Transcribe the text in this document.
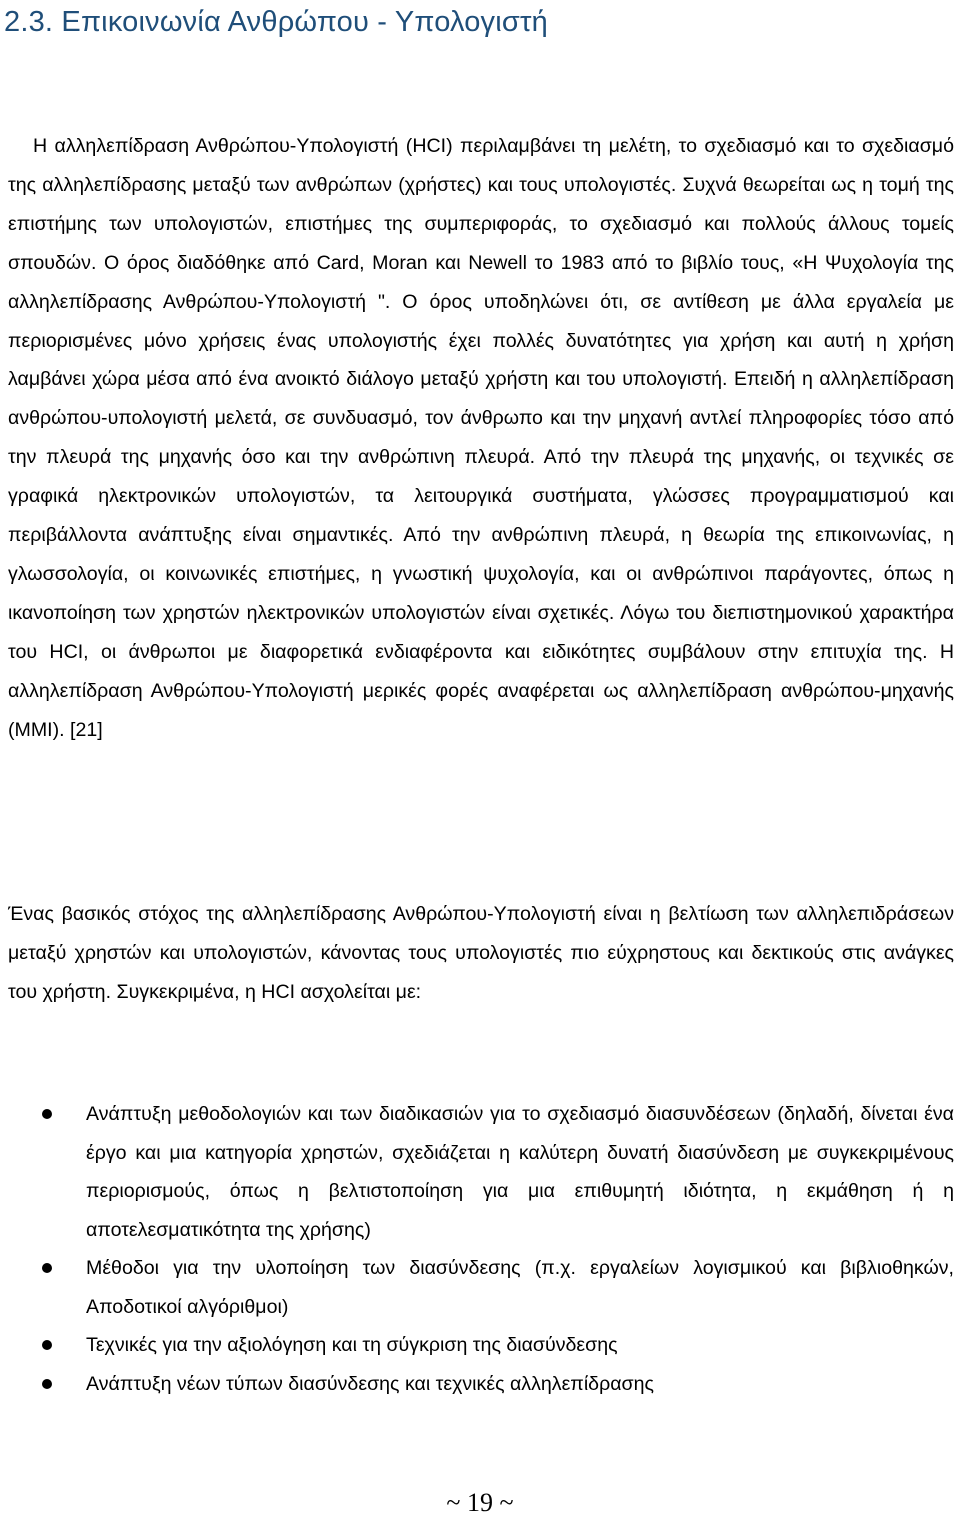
2.3. Επικοινωνία Ανθρώπου - Υπολογιστή

Η αλληλεπίδραση Ανθρώπου-Υπολογιστή (HCI) περιλαμβάνει τη μελέτη, το σχεδιασμό και το σχεδιασμό της αλληλεπίδρασης μεταξύ των ανθρώπων (χρήστες) και τους υπολογιστές. Συχνά θεωρείται ως η τομή της επιστήμης των υπολογιστών, επιστήμες της συμπεριφοράς, το σχεδιασμό και πολλούς άλλους τομείς σπουδών. Ο όρος διαδόθηκε από Card, Moran και Newell το 1983 από το βιβλίο τους, «Η Ψυχολογία της αλληλεπίδρασης Ανθρώπου-Υπολογιστή ". Ο όρος υποδηλώνει ότι, σε αντίθεση με άλλα εργαλεία με περιορισμένες μόνο χρήσεις ένας υπολογιστής έχει πολλές δυνατότητες για χρήση και αυτή η χρήση λαμβάνει χώρα μέσα από ένα ανοικτό διάλογο μεταξύ χρήστη και του υπολογιστή. Επειδή η αλληλεπίδραση ανθρώπου-υπολογιστή μελετά, σε συνδυασμό, τον άνθρωπο και την μηχανή αντλεί πληροφορίες τόσο από την πλευρά της μηχανής όσο και την ανθρώπινη πλευρά. Από την πλευρά της μηχανής, οι τεχνικές σε γραφικά ηλεκτρονικών υπολογιστών, τα λειτουργικά συστήματα, γλώσσες προγραμματισμού και περιβάλλοντα ανάπτυξης είναι σημαντικές. Από την ανθρώπινη πλευρά, η θεωρία της επικοινωνίας, η γλωσσολογία, οι κοινωνικές επιστήμες, η γνωστική ψυχολογία, και οι ανθρώπινοι παράγοντες, όπως η ικανοποίηση των χρηστών ηλεκτρονικών υπολογιστών είναι σχετικές. Λόγω του διεπιστημονικού χαρακτήρα του HCI, οι άνθρωποι με διαφορετικά ενδιαφέροντα και ειδικότητες συμβάλουν στην επιτυχία της. Η αλληλεπίδραση Ανθρώπου-Υπολογιστή μερικές φορές αναφέρεται ως αλληλεπίδραση ανθρώπου-μηχανής (MMI). [21]

Ένας βασικός στόχος της αλληλεπίδρασης Ανθρώπου-Υπολογιστή είναι η βελτίωση των αλληλεπιδράσεων μεταξύ χρηστών και υπολογιστών, κάνοντας τους υπολογιστές πιο εύχρηστους και δεκτικούς στις ανάγκες του χρήστη. Συγκεκριμένα, η HCI ασχολείται με:

Ανάπτυξη μεθοδολογιών και των διαδικασιών για το σχεδιασμό διασυνδέσεων (δηλαδή, δίνεται ένα έργο και μια κατηγορία χρηστών, σχεδιάζεται η καλύτερη δυνατή διασύνδεση με συγκεκριμένους περιορισμούς, όπως η βελτιστοποίηση για μια επιθυμητή ιδιότητα, η εκμάθηση ή η αποτελεσματικότητα της χρήσης)
Μέθοδοι για την υλοποίηση των διασύνδεσης (π.χ. εργαλείων λογισμικού και βιβλιοθηκών, Αποδοτικοί αλγόριθμοι)
Τεχνικές για την αξιολόγηση και τη σύγκριση της διασύνδεσης
Ανάπτυξη νέων τύπων διασύνδεσης και τεχνικές αλληλεπίδρασης
~ 19 ~
